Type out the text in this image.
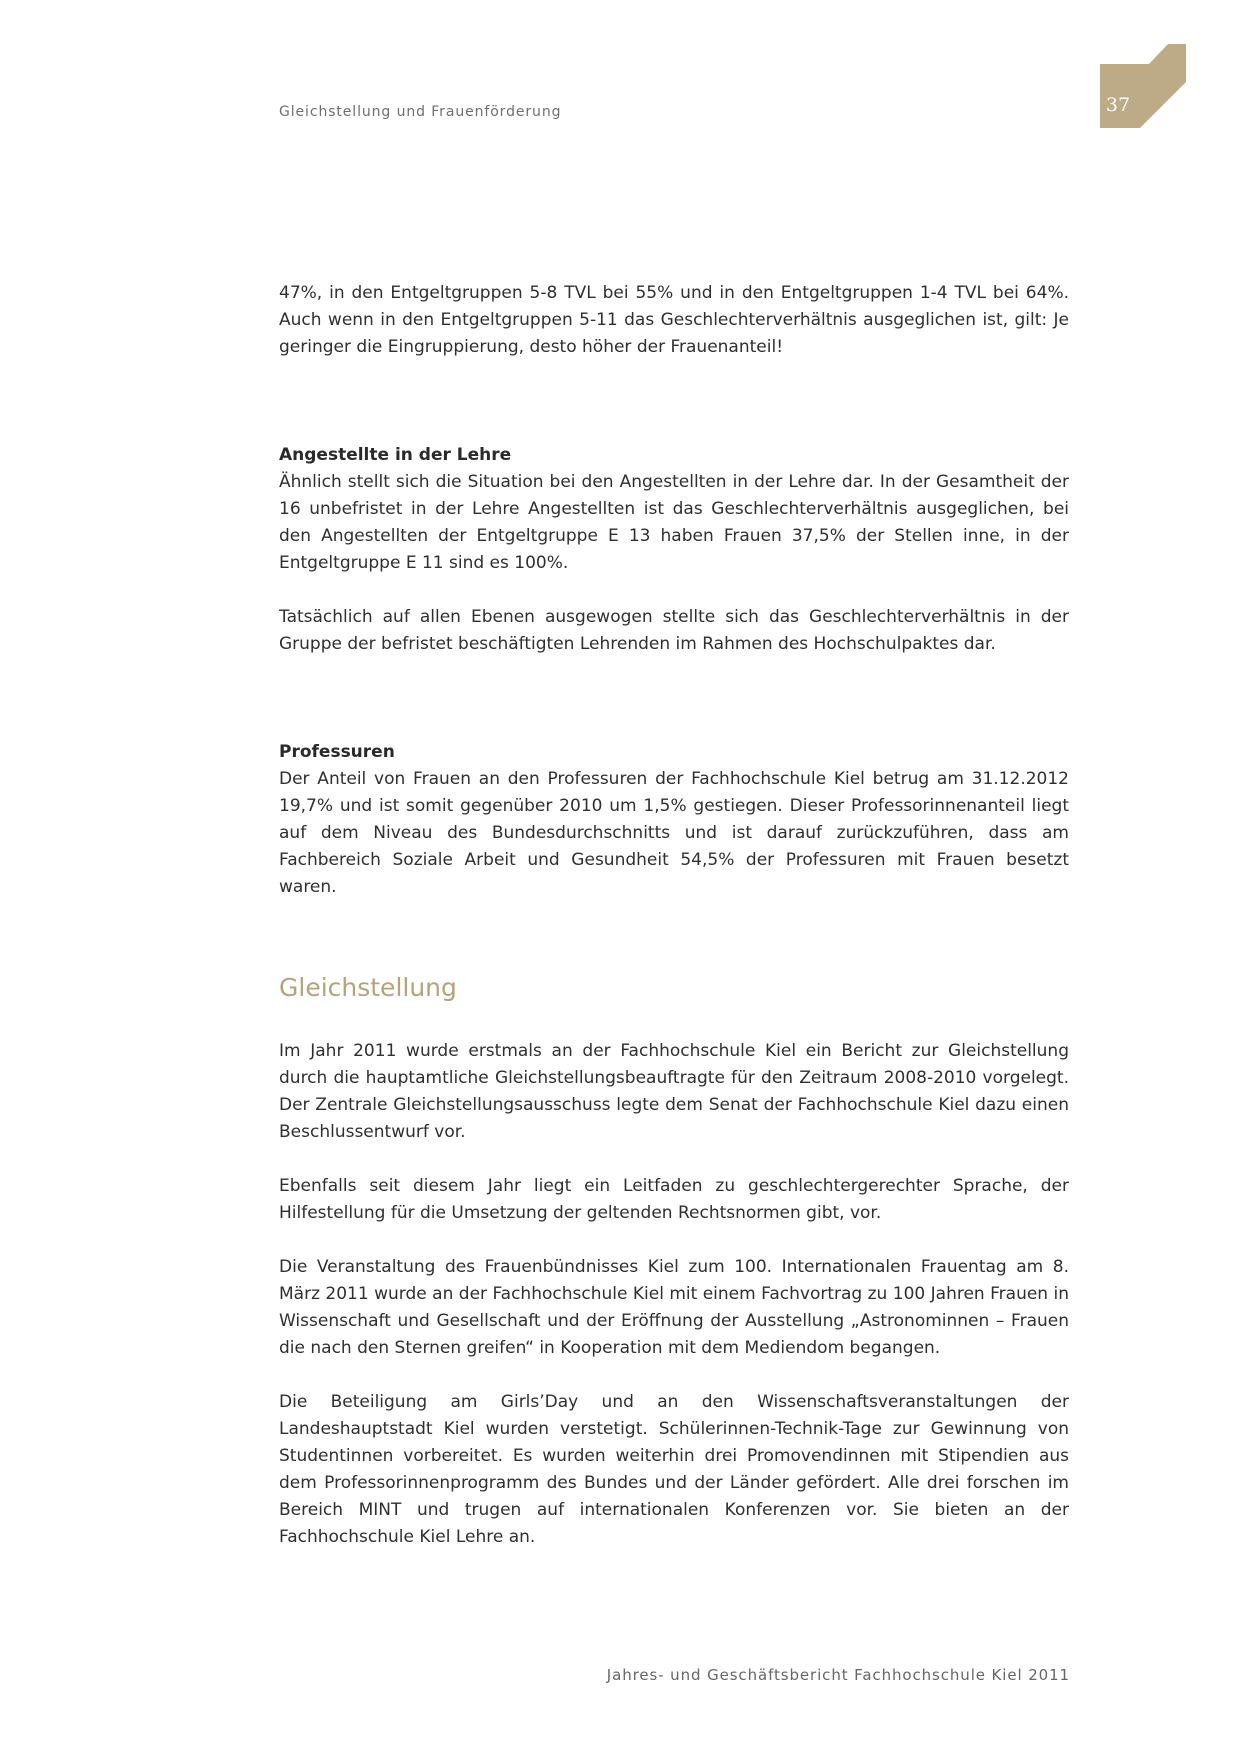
Gleichstellung und Frauenförderung	37

47%, in den Entgeltgruppen 5-8 TVL bei 55% und in den Entgeltgruppen 1-4 TVL bei 64%. Auch wenn in den Entgeltgruppen 5-11 das Geschlechterverhältnis ausgeglichen ist, gilt: Je geringer die Eingruppierung, desto höher der Frauenanteil!

Angestellte in der Lehre

Ähnlich stellt sich die Situation bei den Angestellten in der Lehre dar. In der Gesamtheit der 16 unbefristet in der Lehre Angestellten ist das Geschlechterverhältnis ausgeglichen, bei den Angestellten der Entgeltgruppe E 13 haben Frauen 37,5% der Stellen inne, in der Entgeltgruppe E 11 sind es 100%.

Tatsächlich auf allen Ebenen ausgewogen stellte sich das Geschlechterverhältnis in der Gruppe der befristet beschäftigten Lehrenden im Rahmen des Hochschulpaktes dar.

Professuren

Der Anteil von Frauen an den Professuren der Fachhochschule Kiel betrug am 31.12.2012 19,7% und ist somit gegenüber 2010 um 1,5% gestiegen. Dieser Professorinnenanteil liegt auf dem Niveau des Bundesdurchschnitts und ist darauf zurückzuführen, dass am Fachbereich Soziale Arbeit und Gesundheit 54,5% der Professuren mit Frauen besetzt waren.

Gleichstellung

Im Jahr 2011 wurde erstmals an der Fachhochschule Kiel ein Bericht zur Gleichstellung durch die hauptamtliche Gleichstellungsbeauftragte für den Zeitraum 2008-2010 vorgelegt. Der Zentrale Gleichstellungsausschuss legte dem Senat der Fachhochschule Kiel dazu einen Beschlussentwurf vor.

Ebenfalls seit diesem Jahr liegt ein Leitfaden zu geschlechtergerechter Sprache, der Hilfestellung für die Umsetzung der geltenden Rechtsnormen gibt, vor.

Die Veranstaltung des Frauenbündnisses Kiel zum 100. Internationalen Frauentag am 8. März 2011 wurde an der Fachhochschule Kiel mit einem Fachvortrag zu 100 Jahren Frauen in Wissenschaft und Gesellschaft und der Eröffnung der Ausstellung „Astronominnen – Frauen die nach den Sternen greifen“ in Kooperation mit dem Mediendom begangen.

Die Beteiligung am Girls’Day und an den Wissenschaftsveranstaltungen der Landeshauptstadt Kiel wurden verstetigt. Schülerinnen-Technik-Tage zur Gewinnung von Studentinnen vorbereitet. Es wurden weiterhin drei Promovendinnen mit Stipendien aus dem Professorinnenprogramm des Bundes und der Länder gefördert. Alle drei forschen im Bereich MINT und trugen auf internationalen Konferenzen vor. Sie bieten an der Fachhochschule Kiel Lehre an.

Jahres- und Geschäftsbericht Fachhochschule Kiel 2011
